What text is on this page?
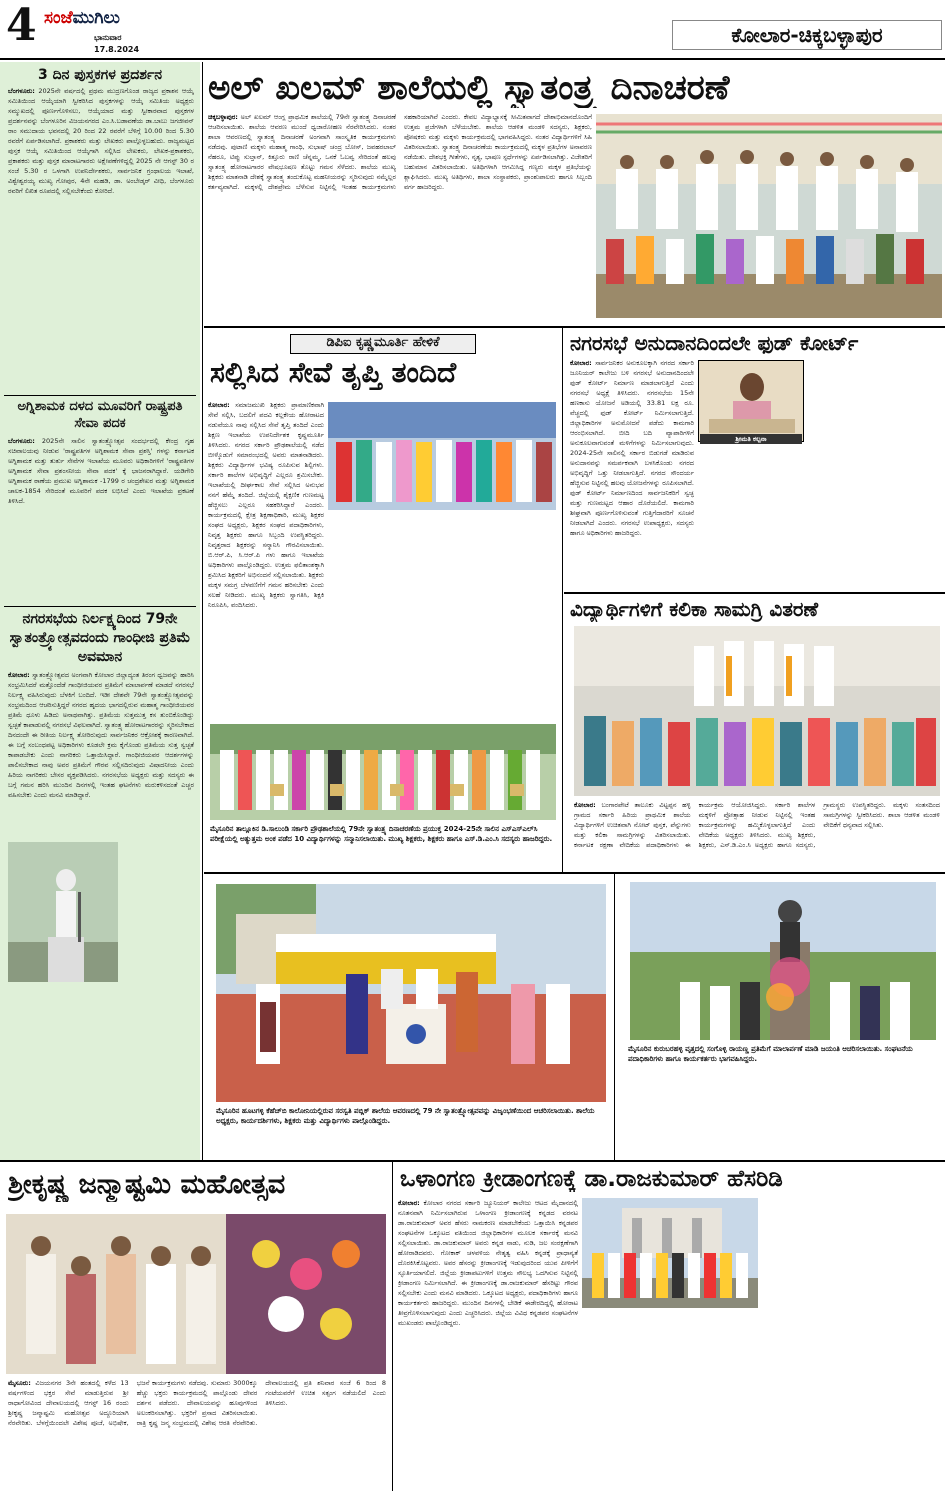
4 ಸಂಜೆಮುಗಿಲು
ಭಾನುವಾರ
17.8.2024
ಕೋಲಾರ-ಚಿಕ್ಕಬಳ್ಳಾಪುರ
3 ದಿನ ಪುಸ್ತಕಗಳ ಪ್ರದರ್ಶನ
ಬೆಂಗಳೂರು: 2025ನೇ ವರ್ಷದಲ್ಲಿ ಪ್ರಥಮ ಮುದ್ರಣಗೊಂಡ ರಾಜ್ಯದ ಪ್ರಕಾಶನ ಆಯ್ಕೆ ಸಮಿತಿಯಿಂದ ಆಯ್ಕೆಯಾಗಿ ಸ್ವೀಕರಿಸಿದ ಪುಸ್ತಕಗಳನ್ನು ಆಯ್ಕೆ ಸಮಿತಿಯ ಅಧ್ಯಕ್ಷರು ಸಮ್ಮುಖದಲ್ಲಿ ಪೂರ್ಣಗೊಳಿಸಲು, ಆಯ್ಕೆಯಾದ ಮತ್ತು ಸ್ವೀಕಾರವಾದ ಪುಸ್ತಕಗಳ ಪ್ರದರ್ಶನವನ್ನು ಬೆಂಗಳೂರಿನ ವಿಜಯನಗರದ ಎಂ.ಸಿ.ಬಡಾವಣೆಯ ಡಾ.ಬಾಬು ಜಗಜೀವನ್ ರಾಂ ಸಮುದಾಯ ಭವನದಲ್ಲಿ 20 ರಿಂದ 22 ರವರೆಗೆ ಬೆಳಿಗ್ಗೆ 10.00 ರಿಂದ 5.30 ರವರೆಗೆ ಏರ್ಪಡಿಸಲಾಗಿದೆ. ಪ್ರಕಾಶಕರು ಮತ್ತು ಲೇಖಕರು ಪಾಲ್ಗೊಳ್ಳಬಹುದು. ರಾಜ್ಯಮಟ್ಟದ ಪುಸ್ತಕ ಆಯ್ಕೆ ಸಮಿತಿಯಿಂದ ಆಯ್ಕೆಗಾಗಿ ಸಲ್ಲಿಸಿದ ಲೇಖಕರು, ಲೇಖಕ-ಪ್ರಕಾಶಕರು, ಪ್ರಕಾಶಕರು ಮತ್ತು ಪುಸ್ತಕ ಮಾರಾಟಗಾರರು ಅಕ್ಷೇಪಣೆಗಳಿದ್ದಲ್ಲಿ 2025 ನೇ ಆಗಸ್ಟ್ 30 ರ ಸಂಜೆ 5.30 ರ ಒಳಗಾಗಿ ಉಪನಿರ್ದೇಶಕರು, ಸಾರ್ವಜನಿಕ ಗ್ರಂಥಾಲಯ ಇಲಾಖೆ, ವಿಶ್ವೇಶ್ವರಯ್ಯ ಮುಖ್ಯ ಗೋಪುರ, 4ನೇ ಮಹಡಿ, ಡಾ. ಅಂಬೇಡ್ಕರ್ ವೀಧಿ, ಬೆಂಗಳೂರು ರವರಿಗೆ ಲಿಖಿತ ರೂಪದಲ್ಲಿ ಸಲ್ಲಿಸಬೇಕೆಂದು ಕೋರಿದೆ.
ಅಗ್ನಿಶಾಮಕ ದಳದ ಮೂವರಿಗೆ ರಾಷ್ಟ್ರಪತಿ ಸೇವಾ ಪದಕ
ಬೆಂಗಳೂರು: 2025ನೇ ಸಾಲಿನ ಸ್ವಾತಂತ್ರ್ಯೋತ್ಸವ ಸಂದರ್ಭದಲ್ಲಿ ಕೇಂದ್ರ ಗೃಹ ಸಚಿವಾಲಯವು ನೀಡುವ 'ರಾಷ್ಟ್ರಪತಿಗಳ ಅಗ್ನಿಶಾಮಕ ಸೇವಾ ಪ್ರಶಸ್ತಿ' ಗಳನ್ನು ಕರ್ನಾಟಕ ಅಗ್ನಿಶಾಮಕ ಮತ್ತು ತುರ್ತು ಸೇವೆಗಳ ಇಲಾಖೆಯ ಮೂವರು ಅಧಿಕಾರಿಗಳಿಗೆ 'ರಾಷ್ಟ್ರಪತಿಗಳ ಅಗ್ನಿಶಾಮಕ ಸೇವಾ ಪ್ರಶಂಸನೀಯ ಸೇವಾ ಪದಕ' ಕ್ಕೆ ಭಾಜನರಾಗಿದ್ದಾರೆ. ಯಡಿಗೇರಿ ಅಗ್ನಿಶಾಮಕ ಠಾಣೆಯ ಪ್ರಮುಖ ಅಗ್ನಿಶಾಮಕ -1799 ರ ಚಂದ್ರಶೇಖರ ಮತ್ತು ಅಗ್ನಿಶಾಮಕ ಚಾಲಕ-1854 ಸೇರಿದಂತೆ ಮೂವರಿಗೆ ಪದಕ ಲಭಿಸಿದೆ ಎಂದು ಇಲಾಖೆಯ ಪ್ರಕಟಣೆ ತಿಳಿಸಿದೆ.
ನಗರಸಭೆಯ ನಿರ್ಲಕ್ಷ್ಯದಿಂದ 79ನೇ ಸ್ವಾತಂತ್ರ್ಯೋತ್ಸವದಂದು ಗಾಂಧೀಜಿ ಪ್ರತಿಮೆ ಅವಮಾನ
ಕೋಲಾರ: ಸ್ವಾತಂತ್ರ್ಯೋತ್ಸವದ ಅಂಗವಾಗಿ ಕೋಲಾರ ಜಿಲ್ಲಾದ್ಯಂತ ತಿರಂಗ ಧ್ವಜವನ್ನು ಹಾರಿಸಿ ಸಂಭ್ರಮಿಸಿದರೆ ಮತ್ತೊಂದೆಡೆ ಗಾಂಧೀಜಿಯವರ ಪ್ರತಿಮೆಗೆ ಮಾಲಾರ್ಪಣೆ ಮಾಡದೆ ನಗರಸಭೆ ನಿರ್ಲಕ್ಷ್ಯ ವಹಿಸಿರುವುದು ಬೆಳಕಿಗೆ ಬಂದಿದೆ. ಇಡೀ ದೇಶವೇ 79ನೇ ಸ್ವಾತಂತ್ರ್ಯೋತ್ಸವವನ್ನು ಸಂಭ್ರಮದಿಂದ ಆಚರಿಸುತ್ತಿದ್ದರೆ ನಗರದ ಹೃದಯ ಭಾಗದಲ್ಲಿರುವ ಮಹಾತ್ಮ ಗಾಂಧೀಜಿಯವರ ಪ್ರತಿಮೆ ಧೂಳು ಹಿಡಿದು ಅನಾಥವಾಗಿತ್ತು. ಪ್ರತಿಮೆಯ ಸುತ್ತಮುತ್ತ ಕಸ ತುಂಬಿಕೊಂಡಿದ್ದು ಸ್ವಚ್ಛತೆ ಕಾಪಾಡುವಲ್ಲಿ ನಗರಸಭೆ ವಿಫಲವಾಗಿದೆ. ಸ್ವಾತಂತ್ರ್ಯ ಹೋರಾಟಗಾರರನ್ನು ಸ್ಮರಿಸಬೇಕಾದ ದಿನದಂದೇ ಈ ರೀತಿಯ ನಿರ್ಲಕ್ಷ್ಯ ತೋರಿರುವುದು ಸಾರ್ವಜನಿಕರ ಆಕ್ರೋಶಕ್ಕೆ ಕಾರಣವಾಗಿದೆ. ಈ ಬಗ್ಗೆ ಸಂಬಂಧಪಟ್ಟ ಅಧಿಕಾರಿಗಳು ಕೂಡಲೇ ಕ್ರಮ ಕೈಗೊಂಡು ಪ್ರತಿಮೆಯ ಸುತ್ತ ಸ್ವಚ್ಛತೆ ಕಾಪಾಡಬೇಕು ಎಂದು ನಾಗರಿಕರು ಒತ್ತಾಯಿಸಿದ್ದಾರೆ. ಗಾಂಧೀಜಿಯವರ ಆದರ್ಶಗಳನ್ನು ಪಾಲಿಸಬೇಕಾದ ನಾವು ಅವರ ಪ್ರತಿಮೆಗೆ ಗೌರವ ಸಲ್ಲಿಸದಿರುವುದು ವಿಷಾದನೀಯ ಎಂದು ಹಿರಿಯ ನಾಗರಿಕರು ಬೇಸರ ವ್ಯಕ್ತಪಡಿಸಿದರು. ನಗರಸಭೆಯ ಅಧ್ಯಕ್ಷರು ಮತ್ತು ಸದಸ್ಯರು ಈ ಬಗ್ಗೆ ಗಮನ ಹರಿಸಿ ಮುಂದಿನ ದಿನಗಳಲ್ಲಿ ಇಂತಹ ಘಟನೆಗಳು ಮರುಕಳಿಸದಂತೆ ಎಚ್ಚರ ವಹಿಸಬೇಕು ಎಂದು ಮನವಿ ಮಾಡಿದ್ದಾರೆ.
ಅಲ್ ಖಲಮ್ ಶಾಲೆಯಲ್ಲಿ ಸ್ವಾತಂತ್ರ್ಯ ದಿನಾಚರಣೆ
ಚಿಕ್ಕಬಳ್ಳಾಪುರ: ಅಲ್ ಖಲಮ್ ಆಂಗ್ಲ ಪ್ರಾಥಮಿಕ ಶಾಲೆಯಲ್ಲಿ 79ನೇ ಸ್ವಾತಂತ್ರ್ಯ ದಿನಾಚರಣೆ ಆಚರಿಸಲಾಯಿತು. ಶಾಲೆಯ ಆವರಣ ಮುಂದೆ ಧ್ವಜಾರೋಹಣ ನೆರವೇರಿಸಿದರು. ನಂತರ ಶಾಲಾ ಆವರಣದಲ್ಲಿ ಸ್ವಾತಂತ್ರ್ಯ ದಿನಾಚರಣೆ ಅಂಗವಾಗಿ ಸಾಂಸ್ಕೃತಿಕ ಕಾರ್ಯಕ್ರಮಗಳು ನಡೆದವು. ಪುಟಾಣಿ ಮಕ್ಕಳು ಮಹಾತ್ಮ ಗಾಂಧಿ, ಸುಭಾಷ್ ಚಂದ್ರ ಬೋಸ್, ಜವಹರಲಾಲ್ ನೆಹರೂ, ಟಿಪ್ಪು ಸುಲ್ತಾನ್, ಕಿತ್ತೂರು ರಾಣಿ ಚೆನ್ನಮ್ಮ, ಒನಕೆ ಓಬವ್ವ ಸೇರಿದಂತೆ ಹಲವು ಸ್ವಾತಂತ್ರ್ಯ ಹೋರಾಟಗಾರರ ವೇಷಭೂಷಣ ತೊಟ್ಟು ಗಮನ ಸೆಳೆದರು. ಶಾಲೆಯ ಮುಖ್ಯ ಶಿಕ್ಷಕರು ಮಾತನಾಡಿ ದೇಶಕ್ಕೆ ಸ್ವಾತಂತ್ರ್ಯ ತಂದುಕೊಟ್ಟ ಮಹನೀಯರನ್ನು ಸ್ಮರಿಸುವುದು ನಮ್ಮೆಲ್ಲರ ಕರ್ತವ್ಯವಾಗಿದೆ. ಮಕ್ಕಳಲ್ಲಿ ದೇಶಪ್ರೇಮ ಬೆಳೆಸುವ ನಿಟ್ಟಿನಲ್ಲಿ ಇಂತಹ ಕಾರ್ಯಕ್ರಮಗಳು ಸಹಕಾರಿಯಾಗಿವೆ ಎಂದರು. ಕೇವಲ ವಿದ್ಯಾಭ್ಯಾಸಕ್ಕೆ ಸೀಮಿತವಾಗದೆ ದೇಶಾಭಿಮಾನದೊಂದಿಗೆ ಉತ್ತಮ ಪ್ರಜೆಗಳಾಗಿ ಬೆಳೆಯಬೇಕು. ಶಾಲೆಯ ಆಡಳಿತ ಮಂಡಳಿ ಸದಸ್ಯರು, ಶಿಕ್ಷಕರು, ಪೋಷಕರು ಮತ್ತು ಮಕ್ಕಳು ಕಾರ್ಯಕ್ರಮದಲ್ಲಿ ಭಾಗವಹಿಸಿದ್ದರು. ನಂತರ ವಿದ್ಯಾರ್ಥಿಗಳಿಗೆ ಸಿಹಿ ವಿತರಿಸಲಾಯಿತು. ಸ್ವಾತಂತ್ರ್ಯ ದಿನಾಚರಣೆಯ ಕಾರ್ಯಕ್ರಮದಲ್ಲಿ ಮಕ್ಕಳ ಪ್ರತಿಭೆಗಳ ಅನಾವರಣ ನಡೆಯಿತು. ದೇಶಭಕ್ತಿ ಗೀತೆಗಳು, ನೃತ್ಯ, ಭಾಷಣ ಸ್ಪರ್ಧೆಗಳನ್ನು ಏರ್ಪಡಿಸಲಾಗಿತ್ತು. ವಿಜೇತರಿಗೆ ಬಹುಮಾನ ವಿತರಿಸಲಾಯಿತು. ಅತಿಥಿಗಳಾಗಿ ಆಗಮಿಸಿದ್ದ ಗಣ್ಯರು ಮಕ್ಕಳ ಪ್ರತಿಭೆಯನ್ನು ಶ್ಲಾಘಿಸಿದರು. ಮುಖ್ಯ ಅತಿಥಿಗಳು, ಶಾಲಾ ಸಂಸ್ಥಾಪಕರು, ಪ್ರಾಂಶುಪಾಲರು ಹಾಗೂ ಸಿಬ್ಬಂದಿ ವರ್ಗ ಹಾಜರಿದ್ದರು.
ಡಿಪಿಐ ಕೃಷ್ಣಮೂರ್ತಿ ಹೇಳಿಕೆ
ಸಲ್ಲಿಸಿದ ಸೇವೆ ತೃಪ್ತಿ ತಂದಿದೆ
ಕೋಲಾರ: ಸಮಾಜಮುಖಿ ಶಿಕ್ಷಕರು ಪ್ರಾಮಾಣಿಕವಾಗಿ ಸೇವೆ ಸಲ್ಲಿಸಿ, ಬದಲಿಗೆ ಪದವಿ ಕಲ್ಲಕೇಯ ಹೋರಾಟದ ನಡುವೆಯೂ ನಾವು ಸಲ್ಲಿಸಿದ ಸೇವೆ ತೃಪ್ತಿ ತಂದಿದೆ ಎಂದು ಶಿಕ್ಷಣ ಇಲಾಖೆಯ ಉಪನಿರ್ದೇಶಕ ಕೃಷ್ಣಮೂರ್ತಿ ತಿಳಿಸಿದರು. ನಗರದ ಸರ್ಕಾರಿ ಪ್ರೌಢಶಾಲೆಯಲ್ಲಿ ನಡೆದ ಬೀಳ್ಕೊಡುಗೆ ಸಮಾರಂಭದಲ್ಲಿ ಅವರು ಮಾತನಾಡಿದರು. ಶಿಕ್ಷಕರು ವಿದ್ಯಾರ್ಥಿಗಳ ಭವಿಷ್ಯ ರೂಪಿಸುವ ಶಿಲ್ಪಿಗಳು. ಸರ್ಕಾರಿ ಶಾಲೆಗಳ ಅಭಿವೃದ್ಧಿಗೆ ಎಲ್ಲರೂ ಶ್ರಮಿಸಬೇಕು. ಇಲಾಖೆಯಲ್ಲಿ ದೀರ್ಘಕಾಲ ಸೇವೆ ಸಲ್ಲಿಸಿದ ಅನುಭವ ನನಗೆ ಹೆಮ್ಮೆ ತಂದಿದೆ. ಜಿಲ್ಲೆಯಲ್ಲಿ ಶೈಕ್ಷಣಿಕ ಗುಣಮಟ್ಟ ಹೆಚ್ಚಿಸಲು ಎಲ್ಲರೂ ಸಹಕರಿಸಿದ್ದಾರೆ ಎಂದರು. ಕಾರ್ಯಕ್ರಮದಲ್ಲಿ ಕ್ಷೇತ್ರ ಶಿಕ್ಷಣಾಧಿಕಾರಿ, ಮುಖ್ಯ ಶಿಕ್ಷಕರ ಸಂಘದ ಅಧ್ಯಕ್ಷರು, ಶಿಕ್ಷಕರ ಸಂಘದ ಪದಾಧಿಕಾರಿಗಳು, ನಿವೃತ್ತ ಶಿಕ್ಷಕರು ಹಾಗೂ ಸಿಬ್ಬಂದಿ ಉಪಸ್ಥಿತರಿದ್ದರು. ನಿವೃತ್ತರಾದ ಶಿಕ್ಷಕರನ್ನು ಸನ್ಮಾನಿಸಿ ಗೌರವಿಸಲಾಯಿತು. ಬಿ.ಆರ್.ಪಿ, ಸಿ.ಆರ್.ಪಿ ಗಳು ಹಾಗೂ ಇಲಾಖೆಯ ಅಧಿಕಾರಿಗಳು ಪಾಲ್ಗೊಂಡಿದ್ದರು. ಉತ್ತಮ ಫಲಿತಾಂಶಕ್ಕಾಗಿ ಶ್ರಮಿಸಿದ ಶಿಕ್ಷಕರಿಗೆ ಅಭಿನಂದನೆ ಸಲ್ಲಿಸಲಾಯಿತು. ಶಿಕ್ಷಕರು ಮಕ್ಕಳ ಸಮಗ್ರ ಬೆಳವಣಿಗೆಗೆ ಗಮನ ಹರಿಸಬೇಕು ಎಂದು ಸಲಹೆ ನೀಡಿದರು. ಮುಖ್ಯ ಶಿಕ್ಷಕರು ಸ್ವಾಗತಿಸಿ, ಶಿಕ್ಷಕಿ ನಿರೂಪಿಸಿ, ವಂದಿಸಿದರು.
ಮೈಸೂರಿನ ತಾಲ್ಲೂಕಿನ ಡಿ.ಸಾಲುಂಡಿ ಸರ್ಕಾರಿ ಪ್ರೌಢಶಾಲೆಯಲ್ಲಿ 79ನೇ ಸ್ವಾತಂತ್ರ್ಯ ದಿನಾಚರಣೆಯ ಪ್ರಯುಕ್ತ 2024-25ನೇ ಸಾಲಿನ ಎಸ್ಎಸ್ಎಲ್‌ಸಿ ಪರೀಕ್ಷೆಯಲ್ಲಿ ಅತ್ಯುತ್ತಮ ಅಂಕ ಪಡೆದ 10 ವಿದ್ಯಾರ್ಥಿಗಳನ್ನು ಸನ್ಮಾನಿಸಲಾಯಿತು. ಮುಖ್ಯ ಶಿಕ್ಷಕರು, ಶಿಕ್ಷಕರು ಹಾಗೂ ಎಸ್.ಡಿ.ಎಂ.ಸಿ ಸದಸ್ಯರು ಹಾಜರಿದ್ದರು.
ನಗರಸಭೆ ಅನುದಾನದಿಂದಲೇ ಫುಡ್ ಕೋರ್ಟ್
ಶ್ರೀಮತಿ ಕಲ್ಪನಾ
ಕೋಲಾರ: ಸಾರ್ವಜನಿಕರ ಅನುಕೂಲಕ್ಕಾಗಿ ನಗರದ ಸರ್ಕಾರಿ ಜೂನಿಯರ್ ಕಾಲೇಜು ಬಳಿ ನಗರಸಭೆ ಅನುದಾನದಿಂದಲೇ ಫುಡ್ ಕೋರ್ಟ್ ನಿರ್ಮಾಣ ಮಾಡಲಾಗುತ್ತಿದೆ ಎಂದು ನಗರಸಭೆ ಅಧ್ಯಕ್ಷೆ ತಿಳಿಸಿದರು. ನಗರಸಭೆಯ 15ನೇ ಹಣಕಾಸು ಯೋಜನೆ ಅಡಿಯಲ್ಲಿ 33.81 ಲಕ್ಷ ರೂ. ವೆಚ್ಚದಲ್ಲಿ ಫುಡ್ ಕೋರ್ಟ್ ನಿರ್ಮಿಸಲಾಗುತ್ತಿದೆ. ಜಿಲ್ಲಾಧಿಕಾರಿಗಳ ಅನುಮೋದನೆ ಪಡೆದು ಕಾಮಗಾರಿ ಆರಂಭಿಸಲಾಗಿದೆ. ಬೀದಿ ಬದಿ ವ್ಯಾಪಾರಿಗಳಿಗೆ ಅನುಕೂಲವಾಗುವಂತೆ ಮಳಿಗೆಗಳನ್ನು ನಿರ್ಮಿಸಲಾಗುವುದು. 2024-25ನೇ ಸಾಲಿನಲ್ಲಿ ಸರ್ಕಾರ ಬಿಡುಗಡೆ ಮಾಡಿರುವ ಅನುದಾನವನ್ನು ಸಮರ್ಪಕವಾಗಿ ಬಳಸಿಕೊಂಡು ನಗರದ ಅಭಿವೃದ್ಧಿಗೆ ಒತ್ತು ನೀಡಲಾಗುತ್ತಿದೆ. ನಗರದ ಸೌಂದರ್ಯ ಹೆಚ್ಚಿಸುವ ನಿಟ್ಟಿನಲ್ಲಿ ಹಲವು ಯೋಜನೆಗಳನ್ನು ರೂಪಿಸಲಾಗಿದೆ. ಫುಡ್ ಕೋರ್ಟ್ ನಿರ್ಮಾಣದಿಂದ ಸಾರ್ವಜನಿಕರಿಗೆ ಸ್ವಚ್ಛ ಮತ್ತು ಗುಣಮಟ್ಟದ ಆಹಾರ ದೊರೆಯಲಿದೆ. ಕಾಮಗಾರಿ ಶೀಘ್ರವಾಗಿ ಪೂರ್ಣಗೊಳಿಸುವಂತೆ ಗುತ್ತಿಗೆದಾರರಿಗೆ ಸೂಚನೆ ನೀಡಲಾಗಿದೆ ಎಂದರು. ನಗರಸಭೆ ಉಪಾಧ್ಯಕ್ಷರು, ಸದಸ್ಯರು ಹಾಗೂ ಅಧಿಕಾರಿಗಳು ಹಾಜರಿದ್ದರು.
ವಿದ್ಯಾರ್ಥಿಗಳಿಗೆ ಕಲಿಕಾ ಸಾಮಗ್ರಿ ವಿತರಣೆ
ಕೋಲಾರ: ಬಂಗಾರಪೇಟೆ ತಾಲೂಕು ವಿಟ್ಟಪ್ಪನ ಹಳ್ಳಿ ಗ್ರಾಮದ ಸರ್ಕಾರಿ ಹಿರಿಯ ಪ್ರಾಥಮಿಕ ಶಾಲೆಯ ವಿದ್ಯಾರ್ಥಿಗಳಿಗೆ ಉಚಿತವಾಗಿ ನೋಟ್ ಪುಸ್ತಕ, ಪೆನ್ನುಗಳು ಮತ್ತು ಕಲಿಕಾ ಸಾಮಗ್ರಿಗಳನ್ನು ವಿತರಿಸಲಾಯಿತು. ಕರ್ನಾಟಕ ರಕ್ಷಣಾ ವೇದಿಕೆಯ ಪದಾಧಿಕಾರಿಗಳು ಈ ಕಾರ್ಯಕ್ರಮ ಆಯೋಜಿಸಿದ್ದರು. ಸರ್ಕಾರಿ ಶಾಲೆಗಳ ಮಕ್ಕಳಿಗೆ ಪ್ರೋತ್ಸಾಹ ನೀಡುವ ನಿಟ್ಟಿನಲ್ಲಿ ಇಂತಹ ಕಾರ್ಯಕ್ರಮಗಳನ್ನು ಹಮ್ಮಿಕೊಳ್ಳಲಾಗುತ್ತಿದೆ ಎಂದು ವೇದಿಕೆಯ ಅಧ್ಯಕ್ಷರು ತಿಳಿಸಿದರು. ಮುಖ್ಯ ಶಿಕ್ಷಕರು, ಶಿಕ್ಷಕರು, ಎಸ್.ಡಿ.ಎಂ.ಸಿ ಅಧ್ಯಕ್ಷರು ಹಾಗೂ ಸದಸ್ಯರು, ಗ್ರಾಮಸ್ಥರು ಉಪಸ್ಥಿತರಿದ್ದರು. ಮಕ್ಕಳು ಸಂತಸದಿಂದ ಸಾಮಗ್ರಿಗಳನ್ನು ಸ್ವೀಕರಿಸಿದರು. ಶಾಲಾ ಆಡಳಿತ ಮಂಡಳಿ ವೇದಿಕೆಗೆ ಧನ್ಯವಾದ ಸಲ್ಲಿಸಿತು.
ಮೈಸೂರಿನ ಹೂಟಗಳ್ಳಿ ಕೆಹೆಚ್‌ಬಿ ಕಾಲೋನಿಯಲ್ಲಿರುವ ಸರಸ್ವತಿ ಪಬ್ಲಿಕ್ ಶಾಲೆಯ ಆವರಣದಲ್ಲಿ 79 ನೇ ಸ್ವಾತಂತ್ರ್ಯೋತ್ಸವವನ್ನು ವಿಜೃಂಭಣೆಯಿಂದ ಆಚರಿಸಲಾಯಿತು. ಶಾಲೆಯ ಅಧ್ಯಕ್ಷರು, ಕಾರ್ಯದರ್ಶಿಗಳು, ಶಿಕ್ಷಕರು ಮತ್ತು ವಿದ್ಯಾರ್ಥಿಗಳು ಪಾಲ್ಗೊಂಡಿದ್ದರು.
ಮೈಸೂರಿನ ಕುರುಬರಹಳ್ಳಿ ವೃತ್ತದಲ್ಲಿ ಸಂಗೊಳ್ಳಿ ರಾಯಣ್ಣ ಪ್ರತಿಮೆಗೆ ಮಾಲಾರ್ಪಣೆ ಮಾಡಿ ಜಯಂತಿ ಆಚರಿಸಲಾಯಿತು. ಸಂಘಟನೆಯ ಪದಾಧಿಕಾರಿಗಳು ಹಾಗೂ ಕಾರ್ಯಕರ್ತರು ಭಾಗವಹಿಸಿದ್ದರು.
ಶ್ರೀಕೃಷ್ಣ ಜನ್ಮಾಷ್ಟಮಿ ಮಹೋತ್ಸವ
ಮೈಸೂರು: ವಿಜಯನಗರ 3ನೇ ಹಂತದಲ್ಲಿ ಕಳೆದ 13 ವರ್ಷಗಳಿಂದ ಭಕ್ತರ ಸೇವೆ ಮಾಡುತ್ತಿರುವ ಶ್ರೀ ರಾಧಾಗೋವಿಂದ ದೇವಾಲಯದಲ್ಲಿ ಆಗಸ್ಟ್ 16 ರಂದು ಶ್ರೀಕೃಷ್ಣ ಜನ್ಮಾಷ್ಟಮಿ ಮಹೋತ್ಸವ ಅದ್ದೂರಿಯಾಗಿ ನೆರವೇರಿತು. ಬೆಳಗ್ಗೆಯಿಂದಲೇ ವಿಶೇಷ ಪೂಜೆ, ಅಭಿಷೇಕ, ಭಜನೆ ಕಾರ್ಯಕ್ರಮಗಳು ನಡೆದವು. ಸುಮಾರು 3000ಕ್ಕೂ ಹೆಚ್ಚು ಭಕ್ತರು ಕಾರ್ಯಕ್ರಮದಲ್ಲಿ ಪಾಲ್ಗೊಂಡು ದೇವರ ದರ್ಶನ ಪಡೆದರು. ದೇವಾಲಯವನ್ನು ಹೂವುಗಳಿಂದ ಅಲಂಕರಿಸಲಾಗಿತ್ತು. ಭಕ್ತರಿಗೆ ಪ್ರಸಾದ ವಿತರಿಸಲಾಯಿತು. ರಾತ್ರಿ ಕೃಷ್ಣ ಜನ್ಮ ಸಂಭ್ರಮದಲ್ಲಿ ವಿಶೇಷ ಆರತಿ ನೆರವೇರಿತು. ದೇವಾಲಯದಲ್ಲಿ ಪ್ರತಿ ಶನಿವಾರ ಸಂಜೆ 6 ರಿಂದ 8 ಗಂಟೆಯವರೆಗೆ ಉಚಿತ ಸತ್ಸಂಗ ನಡೆಯಲಿದೆ ಎಂದು ತಿಳಿಸಿದರು.
ಒಳಾಂಗಣ ಕ್ರೀಡಾಂಗಣಕ್ಕೆ ಡಾ.ರಾಜಕುಮಾರ್ ಹೆಸರಿಡಿ
ಕೋಲಾರ: ಕೋಲಾರ ನಗರದ ಸರ್ಕಾರಿ ಜ್ಯೂನಿಯರ್ ಕಾಲೇಜು ಆಟದ ಮೈದಾನದಲ್ಲಿ ನೂತನವಾಗಿ ನಿರ್ಮಿಸಲಾಗಿರುವ ಒಳಾಂಗಣ ಕ್ರೀಡಾಂಗಣಕ್ಕೆ ಕನ್ನಡದ ವರನಟ ಡಾ.ರಾಜಕುಮಾರ್ ಅವರ ಹೆಸರು ನಾಮಕರಣ ಮಾಡಬೇಕೆಂದು ಒತ್ತಾಯಿಸಿ ಕನ್ನಡಪರ ಸಂಘಟನೆಗಳ ಒಕ್ಕೂಟದ ವತಿಯಿಂದ ಜಿಲ್ಲಾಧಿಕಾರಿಗಳ ಮೂಲಕ ಸರ್ಕಾರಕ್ಕೆ ಮನವಿ ಸಲ್ಲಿಸಲಾಯಿತು. ಡಾ.ರಾಜಕುಮಾರ್ ಅವರು ಕನ್ನಡ ನಾಡು, ನುಡಿ, ಜಲ ಸಂರಕ್ಷಣೆಗಾಗಿ ಹೋರಾಡಿದವರು. ಗೋಕಾಕ್ ಚಳವಳಿಯ ನೇತೃತ್ವ ವಹಿಸಿ ಕನ್ನಡಕ್ಕೆ ಪ್ರಾಧಾನ್ಯತೆ ದೊರಕಿಸಿಕೊಟ್ಟವರು. ಅವರ ಹೆಸರನ್ನು ಕ್ರೀಡಾಂಗಣಕ್ಕೆ ಇಡುವುದರಿಂದ ಯುವ ಪೀಳಿಗೆಗೆ ಸ್ಫೂರ್ತಿಯಾಗಲಿದೆ. ಜಿಲ್ಲೆಯ ಕ್ರೀಡಾಪಟುಗಳಿಗೆ ಉತ್ತಮ ಸೌಲಭ್ಯ ಒದಗಿಸುವ ನಿಟ್ಟಿನಲ್ಲಿ ಕ್ರೀಡಾಂಗಣ ನಿರ್ಮಿಸಲಾಗಿದೆ. ಈ ಕ್ರೀಡಾಂಗಣಕ್ಕೆ ಡಾ.ರಾಜಕುಮಾರ್ ಹೆಸರಿಟ್ಟು ಗೌರವ ಸಲ್ಲಿಸಬೇಕು ಎಂದು ಮನವಿ ಮಾಡಿದರು. ಒಕ್ಕೂಟದ ಅಧ್ಯಕ್ಷರು, ಪದಾಧಿಕಾರಿಗಳು ಹಾಗೂ ಕಾರ್ಯಕರ್ತರು ಹಾಜರಿದ್ದರು. ಮುಂದಿನ ದಿನಗಳಲ್ಲಿ ಬೇಡಿಕೆ ಈಡೇರದಿದ್ದಲ್ಲಿ ಹೋರಾಟ ತೀವ್ರಗೊಳಿಸಲಾಗುವುದು ಎಂದು ಎಚ್ಚರಿಸಿದರು. ಜಿಲ್ಲೆಯ ವಿವಿಧ ಕನ್ನಡಪರ ಸಂಘಟನೆಗಳ ಮುಖಂಡರು ಪಾಲ್ಗೊಂಡಿದ್ದರು.
